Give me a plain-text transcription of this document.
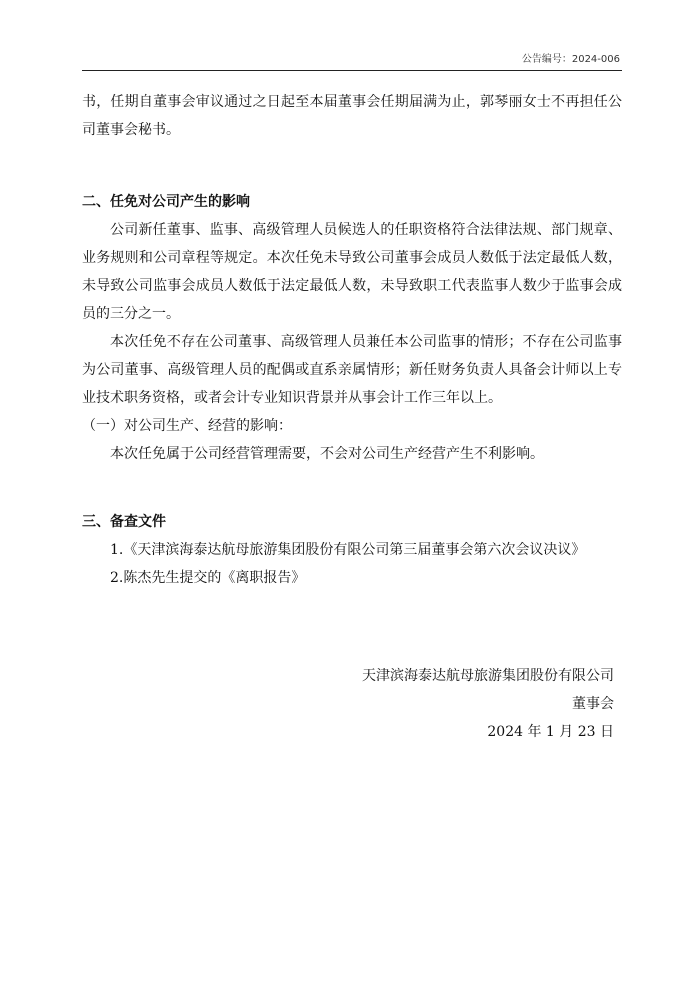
公告编号：2024-006

书，任期自董事会审议通过之日起至本届董事会任期届满为止，郭琴丽女士不再担任公司董事会秘书。

二、任免对公司产生的影响

公司新任董事、监事、高级管理人员候选人的任职资格符合法律法规、部门规章、业务规则和公司章程等规定。本次任免未导致公司董事会成员人数低于法定最低人数，未导致公司监事会成员人数低于法定最低人数，未导致职工代表监事人数少于监事会成员的三分之一。

本次任免不存在公司董事、高级管理人员兼任本公司监事的情形；不存在公司监事为公司董事、高级管理人员的配偶或直系亲属情形；新任财务负责人具备会计师以上专业技术职务资格，或者会计专业知识背景并从事会计工作三年以上。

（一）对公司生产、经营的影响：

本次任免属于公司经营管理需要，不会对公司生产经营产生不利影响。

三、备查文件

1.《天津滨海泰达航母旅游集团股份有限公司第三届董事会第六次会议决议》

2.陈杰先生提交的《离职报告》

天津滨海泰达航母旅游集团股份有限公司
董事会
2024 年 1 月 23 日
